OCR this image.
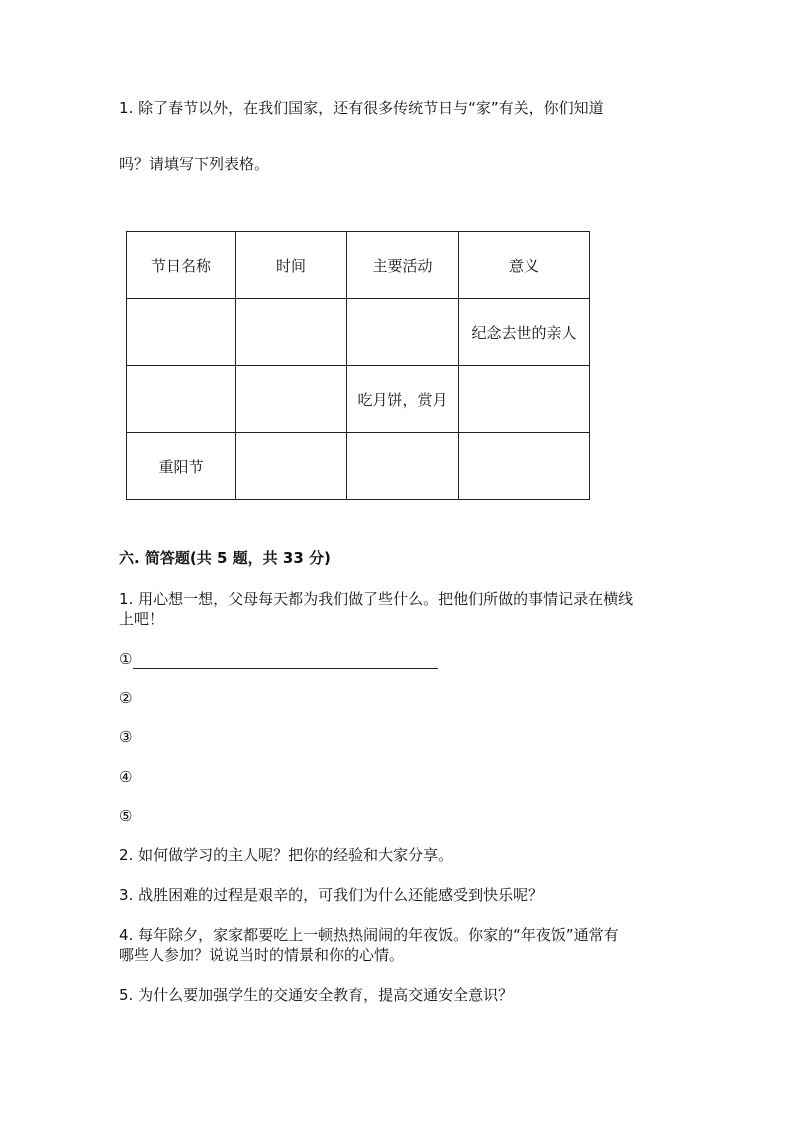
1. 除了春节以外，在我们国家，还有很多传统节日与“家”有关，你们知道
吗？请填写下列表格。
节日名称	时间	主要活动	意义
			纪念去世的亲人
		吃月饼，赏月	
重阳节			
六. 简答题(共 5 题，共 33 分)
1. 用心想一想，父母每天都为我们做了些什么。把他们所做的事情记录在横线
上吧！
①
②
③
④
⑤
2. 如何做学习的主人呢？把你的经验和大家分享。
3. 战胜困难的过程是艰辛的，可我们为什么还能感受到快乐呢？
4. 每年除夕，家家都要吃上一顿热热闹闹的年夜饭。你家的“年夜饭”通常有
哪些人参加？说说当时的情景和你的心情。
5. 为什么要加强学生的交通安全教育，提高交通安全意识？
